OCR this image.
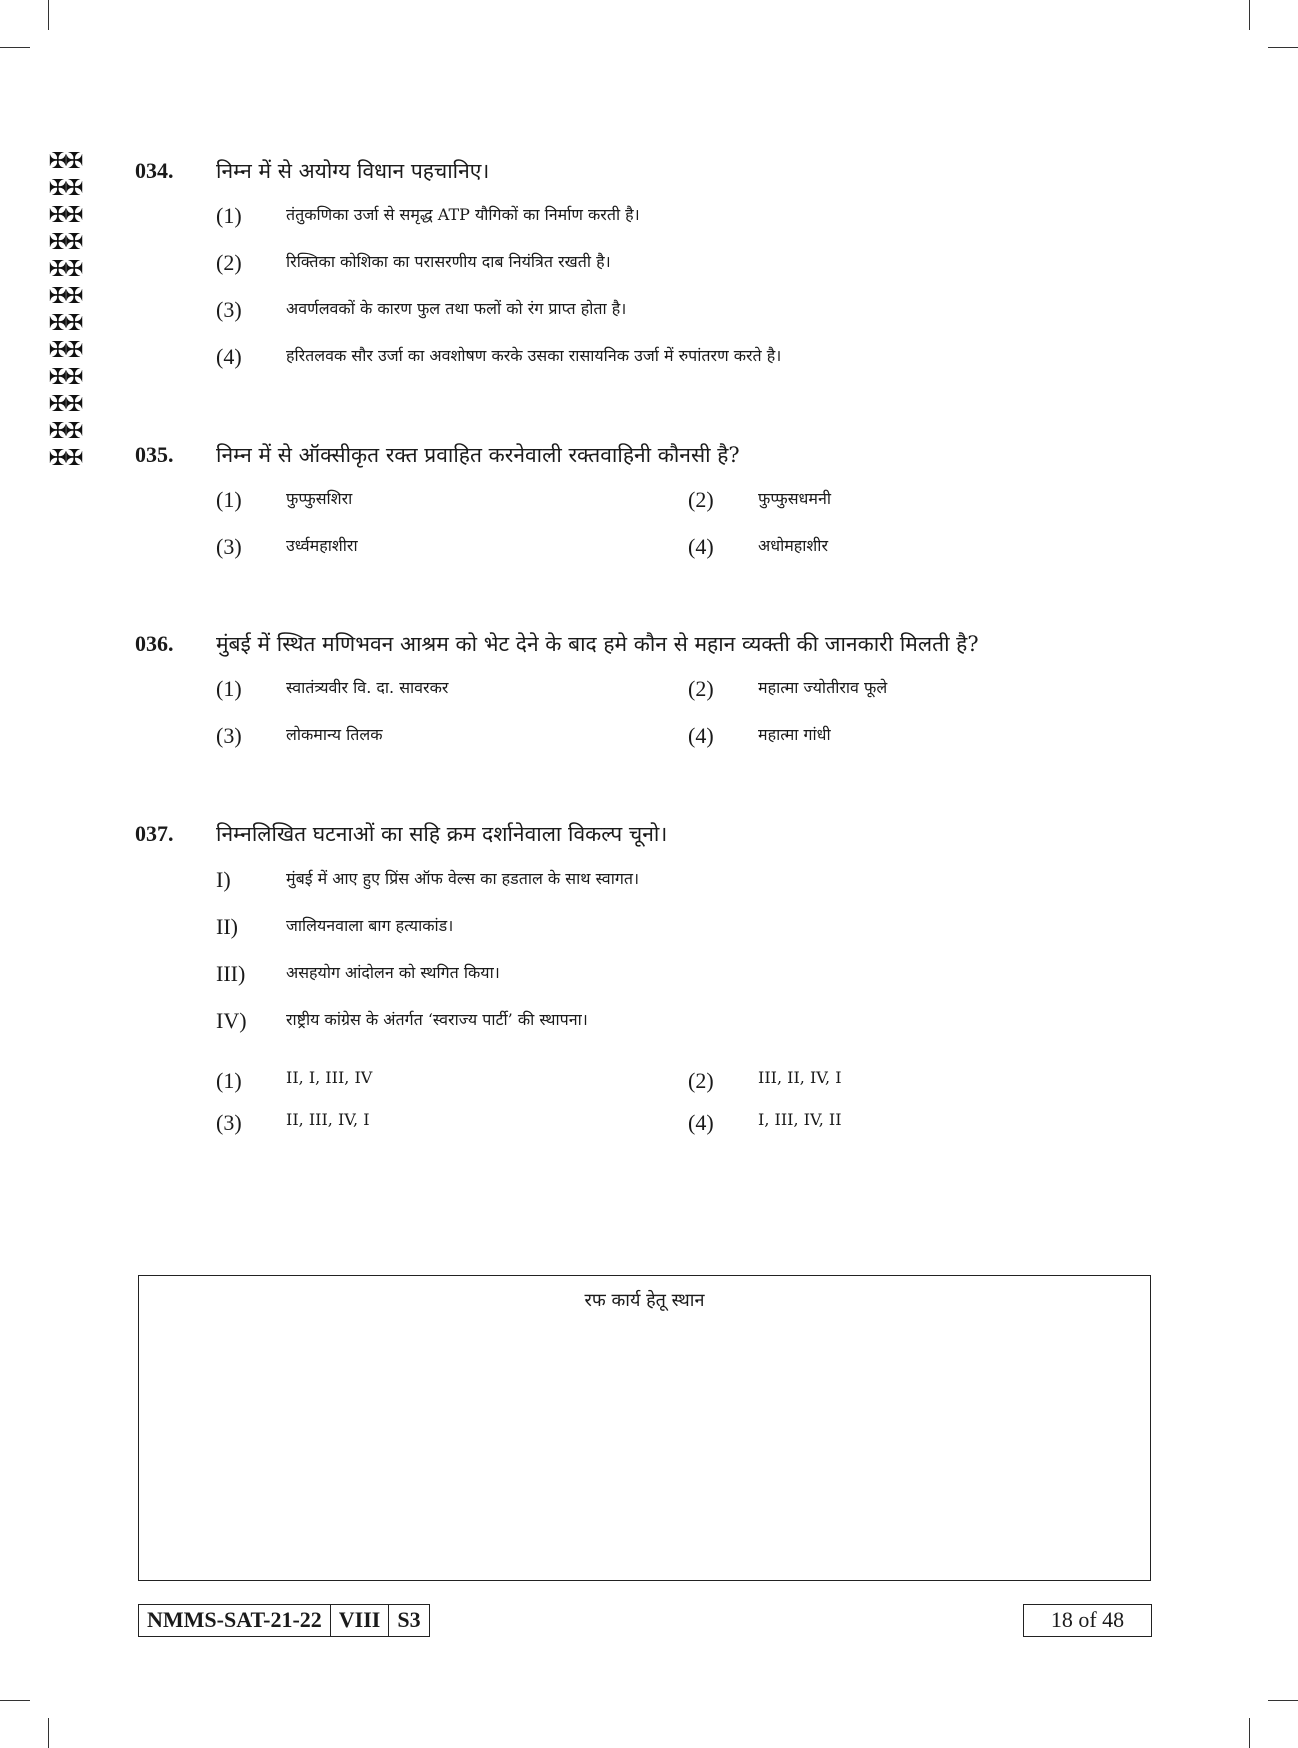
✠✠
✠✠
✠✠
✠✠
✠✠
✠✠
✠✠
✠✠
✠✠
✠✠
✠✠
✠✠
034. निम्न में से अयोग्य विधान पहचानिए।
(1)	तंतुकणिका उर्जा से समृद्ध ATP यौगिकों का निर्माण करती है।
(2)	रिक्तिका कोशिका का परासरणीय दाब नियंत्रित रखती है।
(3)	अवर्णलवकों के कारण फुल तथा फलों को रंग प्राप्त होता है।
(4)	हरितलवक सौर उर्जा का अवशोषण करके उसका रासायनिक उर्जा में रुपांतरण करते है।
035. निम्न में से ऑक्सीकृत रक्त प्रवाहित करनेवाली रक्तवाहिनी कौनसी है?
(1)	फुप्फुसशिरा	(2)	फुप्फुसधमनी
(3)	उर्ध्वमहाशीरा	(4)	अधोमहाशीर
036. मुंबई में स्थित मणिभवन आश्रम को भेट देने के बाद हमे कौन से महान व्यक्ती की जानकारी मिलती है?
(1)	स्वातंत्र्यवीर वि. दा. सावरकर	(2)	महात्मा ज्योतीराव फूले
(3)	लोकमान्य तिलक	(4)	महात्मा गांधी
037. निम्नलिखित घटनाओं का सहि क्रम दर्शानेवाला विकल्प चूनो।
I)	मुंबई में आए हुए प्रिंस ऑफ वेल्स का हडताल के साथ स्वागत।
II)	जालियनवाला बाग हत्याकांड।
III)	असहयोग आंदोलन को स्थगित किया।
IV)	राष्ट्रीय कांग्रेस के अंतर्गत ‘स्वराज्य पार्टी’ की स्थापना।
(1)	II, I, III, IV	(2)	III, II, IV, I
(3)	II, III, IV, I	(4)	I, III, IV, II
रफ कार्य हेतू स्थान
NMMS-SAT-21-22 VIII S3	18 of 48
